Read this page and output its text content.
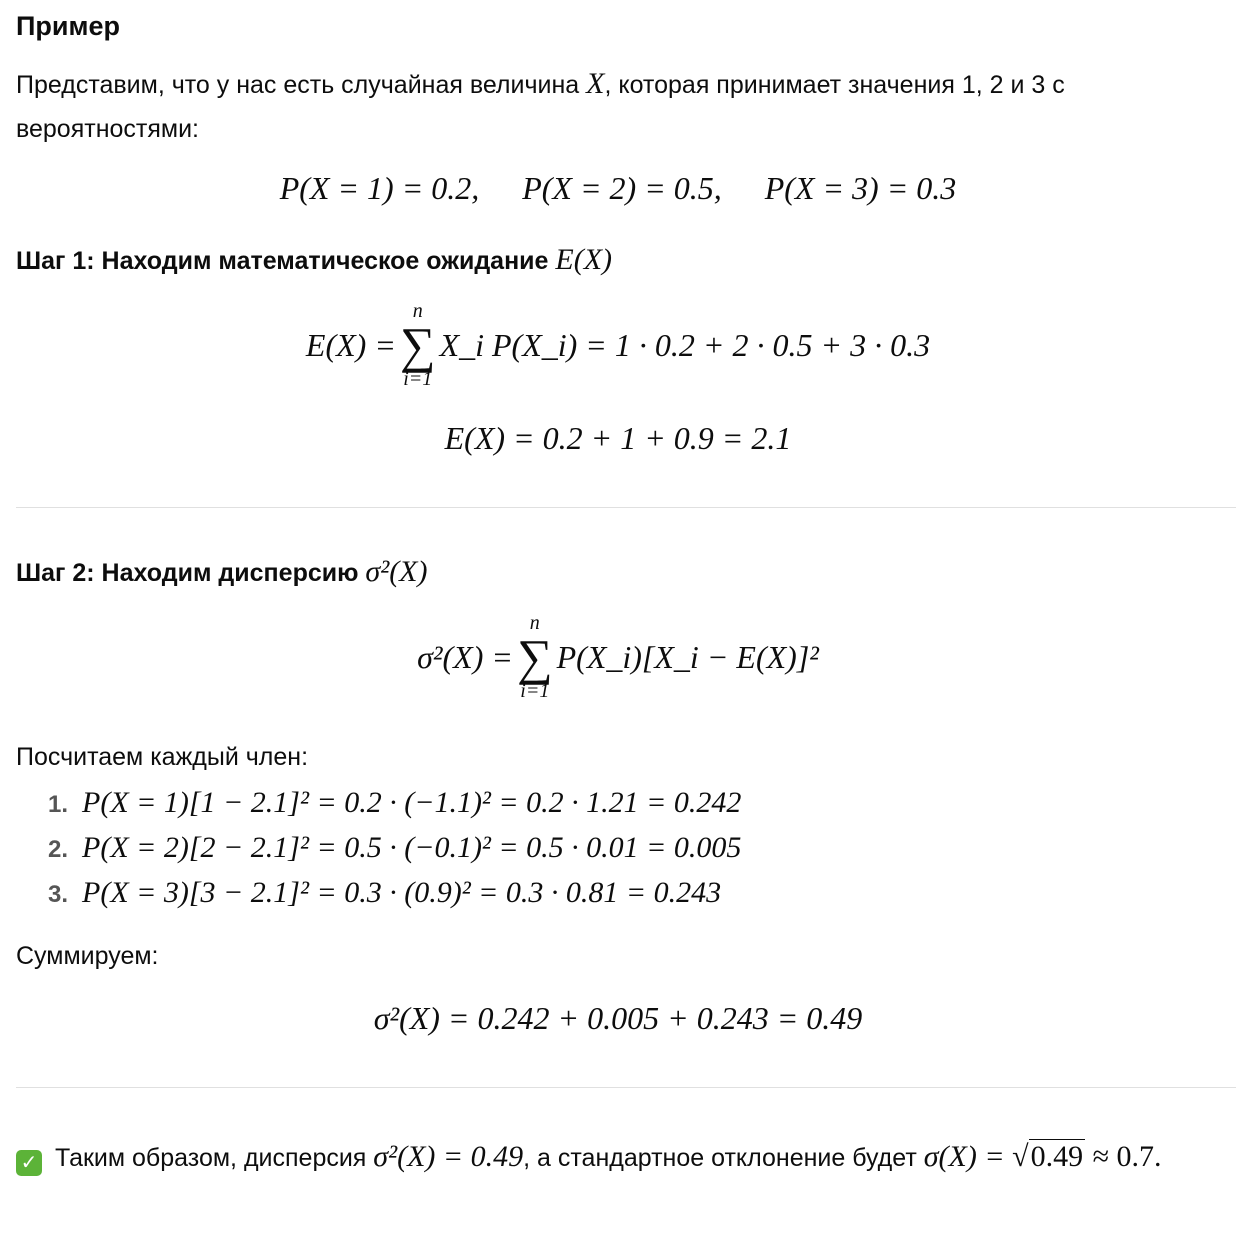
Пример
Представим, что у нас есть случайная величина X, которая принимает значения 1, 2 и 3 с вероятностями:
P(X = 1) = 0.2, P(X = 2) = 0.5, P(X = 3) = 0.3
Шаг 1: Находим математическое ожидание E(X)
E(X) =
n
∑
i=1
X_i P(X_i) = 1 · 0.2 + 2 · 0.5 + 3 · 0.3
E(X) = 0.2 + 1 + 0.9 = 2.1
Шаг 2: Находим дисперсию σ²(X)
σ²(X) =
n
∑
i=1
P(X_i)[X_i − E(X)]²
Посчитаем каждый член:
1. P(X = 1)[1 − 2.1]² = 0.2 · (−1.1)² = 0.2 · 1.21 = 0.242
2. P(X = 2)[2 − 2.1]² = 0.5 · (−0.1)² = 0.5 · 0.01 = 0.005
3. P(X = 3)[3 − 2.1]² = 0.3 · (0.9)² = 0.3 · 0.81 = 0.243
Суммируем:
σ²(X) = 0.242 + 0.005 + 0.243 = 0.49
✓ Таким образом, дисперсия σ²(X) = 0.49, а стандартное отклонение будет σ(X) = √0.49 ≈ 0.7.
